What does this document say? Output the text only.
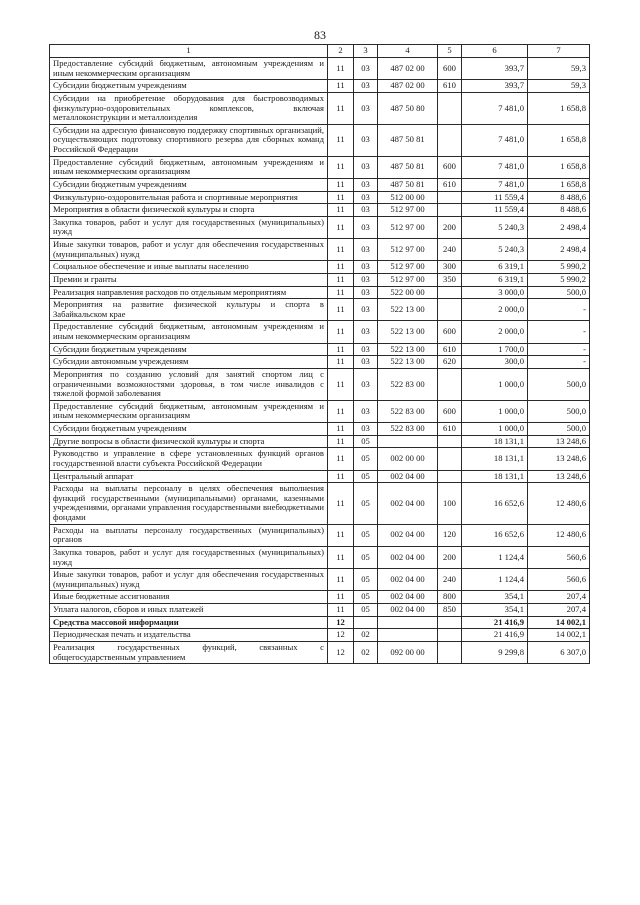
83
1	2	3	4	5	6	7
Предоставление субсидий бюджетным, автономным учреждениям и иным некоммерческим организациям	11	03	487 02 00	600	393,7	59,3
Субсидии бюджетным учреждениям	11	03	487 02 00	610	393,7	59,3
Субсидии на приобретение оборудования для быстровозводимых физкультурно-оздоровительных комплексов, включая металлоконструкции и металлоизделия	11	03	487 50 80		7 481,0	1 658,8
Субсидии на адресную финансовую поддержку спортивных организаций, осуществляющих подготовку спортивного резерва для сборных команд Российской Федерации	11	03	487 50 81		7 481,0	1 658,8
Предоставление субсидий бюджетным, автономным учреждениям и иным некоммерческим организациям	11	03	487 50 81	600	7 481,0	1 658,8
Субсидии бюджетным учреждениям	11	03	487 50 81	610	7 481,0	1 658,8
Физкультурно-оздоровительная работа и спортивные мероприятия	11	03	512 00 00		11 559,4	8 488,6
Мероприятия в области физической культуры и спорта	11	03	512 97 00		11 559,4	8 488,6
Закупка товаров, работ и услуг для государственных (муниципальных) нужд	11	03	512 97 00	200	5 240,3	2 498,4
Иные закупки товаров, работ и услуг для обеспечения государственных (муниципальных) нужд	11	03	512 97 00	240	5 240,3	2 498,4
Социальное обеспечение и иные выплаты населению	11	03	512 97 00	300	6 319,1	5 990,2
Премии и гранты	11	03	512 97 00	350	6 319,1	5 990,2
Реализация направления расходов по отдельным мероприятиям	11	03	522 00 00		3 000,0	500,0
Мероприятия на развитие физической культуры и спорта в Забайкальском крае	11	03	522 13 00		2 000,0	-
Предоставление субсидий бюджетным, автономным учреждениям и иным некоммерческим организациям	11	03	522 13 00	600	2 000,0	-
Субсидии бюджетным учреждениям	11	03	522 13 00	610	1 700,0	-
Субсидии автономным учреждениям	11	03	522 13 00	620	300,0	-
Мероприятия по созданию условий для занятий спортом лиц с ограниченными возможностями здоровья, в том числе инвалидов с тяжелой формой заболевания	11	03	522 83 00		1 000,0	500,0
Предоставление субсидий бюджетным, автономным учреждениям и иным некоммерческим организациям	11	03	522 83 00	600	1 000,0	500,0
Субсидии бюджетным учреждениям	11	03	522 83 00	610	1 000,0	500,0
Другие вопросы в области физической культуры и спорта	11	05			18 131,1	13 248,6
Руководство и управление в сфере установленных функций органов государственной власти субъекта Российской Федерации	11	05	002 00 00		18 131,1	13 248,6
Центральный аппарат	11	05	002 04 00		18 131,1	13 248,6
Расходы на выплаты персоналу в целях обеспечения выполнения функций государственными (муниципальными) органами, казенными учреждениями, органами управления государственными внебюджетными фондами	11	05	002 04 00	100	16 652,6	12 480,6
Расходы на выплаты персоналу государственных (муниципальных) органов	11	05	002 04 00	120	16 652,6	12 480,6
Закупка товаров, работ и услуг для государственных (муниципальных) нужд	11	05	002 04 00	200	1 124,4	560,6
Иные закупки товаров, работ и услуг для обеспечения государственных (муниципальных) нужд	11	05	002 04 00	240	1 124,4	560,6
Иные бюджетные ассигнования	11	05	002 04 00	800	354,1	207,4
Уплата налогов, сборов и иных платежей	11	05	002 04 00	850	354,1	207,4
Средства массовой информации	12				21 416,9	14 002,1
Периодическая печать и издательства	12	02			21 416,9	14 002,1
Реализация государственных функций, связанных с общегосударственным управлением	12	02	092 00 00		9 299,8	6 307,0
